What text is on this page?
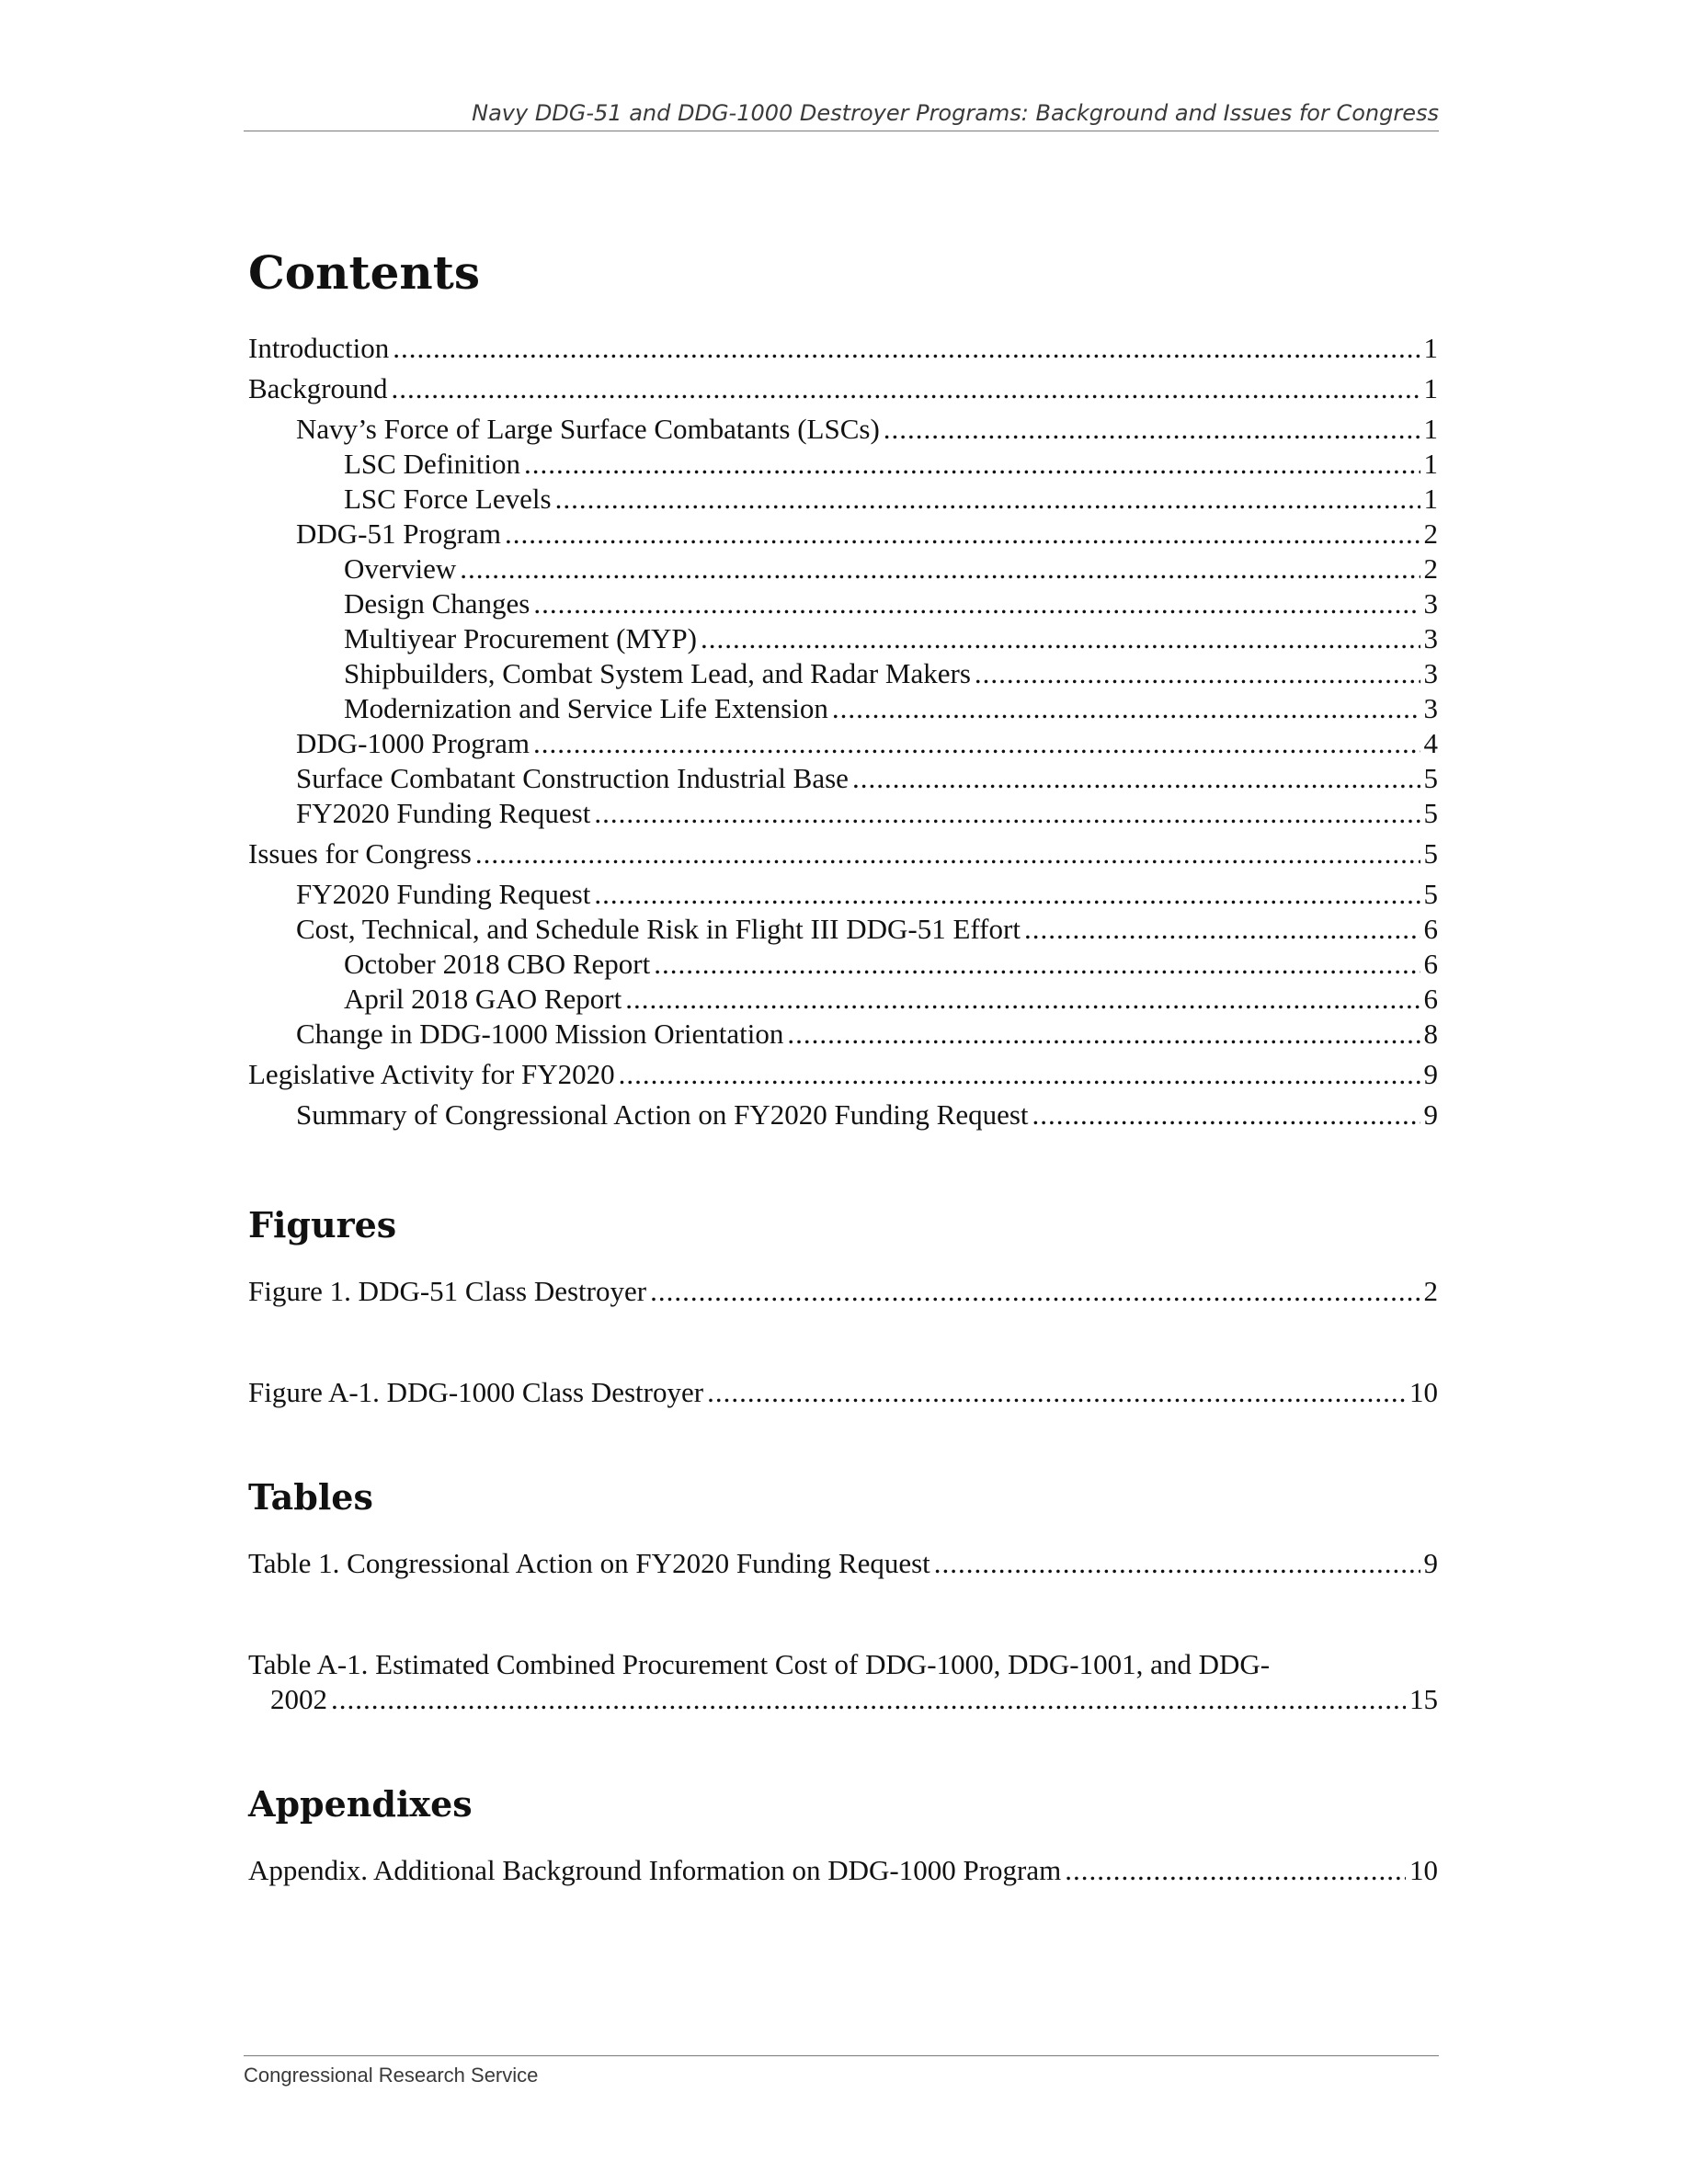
Navy DDG-51 and DDG-1000 Destroyer Programs: Background and Issues for Congress
Contents
Introduction .....	1
Background .....	1
Navy’s Force of Large Surface Combatants (LSCs) .....	1
LSC Definition .....	1
LSC Force Levels .....	1
DDG-51 Program .....	2
Overview .....	2
Design Changes .....	3
Multiyear Procurement (MYP) .....	3
Shipbuilders, Combat System Lead, and Radar Makers .....	3
Modernization and Service Life Extension .....	3
DDG-1000 Program .....	4
Surface Combatant Construction Industrial Base .....	5
FY2020 Funding Request .....	5
Issues for Congress .....	5
FY2020 Funding Request .....	5
Cost, Technical, and Schedule Risk in Flight III DDG-51 Effort .....	6
October 2018 CBO Report .....	6
April 2018 GAO Report .....	6
Change in DDG-1000 Mission Orientation .....	8
Legislative Activity for FY2020 .....	9
Summary of Congressional Action on FY2020 Funding Request .....	9
Figures
Figure 1. DDG-51 Class Destroyer .....	2
Figure A-1. DDG-1000 Class Destroyer .....	10
Tables
Table 1. Congressional Action on FY2020 Funding Request .....	9
Table A-1. Estimated Combined Procurement Cost of DDG-1000, DDG-1001, and DDG-
2002 .....	15
Appendixes
Appendix. Additional Background Information on DDG-1000 Program .....	10
Congressional Research Service
